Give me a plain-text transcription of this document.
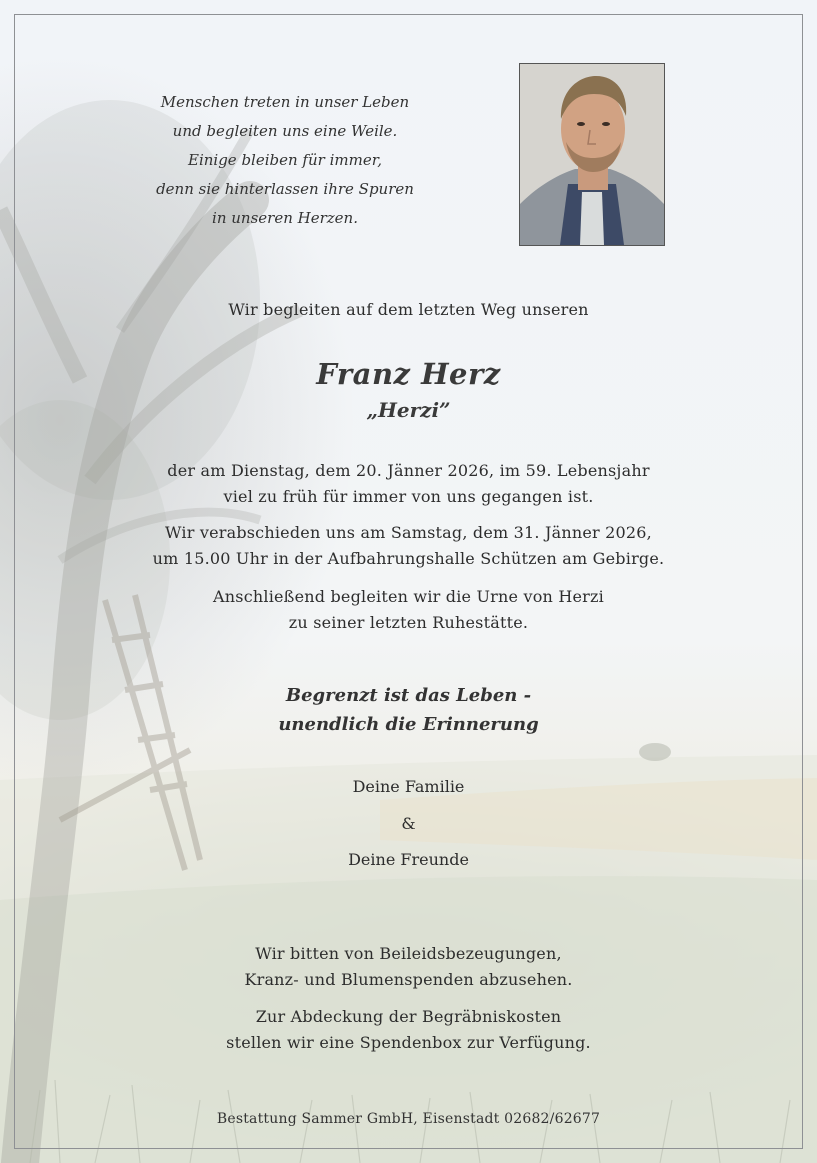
Menschen treten in unser Leben
und begleiten uns eine Weile.
Einige bleiben für immer,
denn sie hinterlassen ihre Spuren
in unseren Herzen.
Wir begleiten auf dem letzten Weg unseren
Franz Herz
„Herzi”
der am Dienstag, dem 20. Jänner 2026, im 59. Lebensjahr
viel zu früh für immer von uns gegangen ist.
Wir verabschieden uns am Samstag, dem 31. Jänner 2026,
um 15.00 Uhr in der Aufbahrungshalle Schützen am Gebirge.
Anschließend begleiten wir die Urne von Herzi
zu seiner letzten Ruhestätte.
Begrenzt ist das Leben -
unendlich die Erinnerung
Deine Familie
&
Deine Freunde
Wir bitten von Beileidsbezeugungen,
Kranz- und Blumenspenden abzusehen.
Zur Abdeckung der Begräbniskosten
stellen wir eine Spendenbox zur Verfügung.
Bestattung Sammer GmbH, Eisenstadt 02682/62677
